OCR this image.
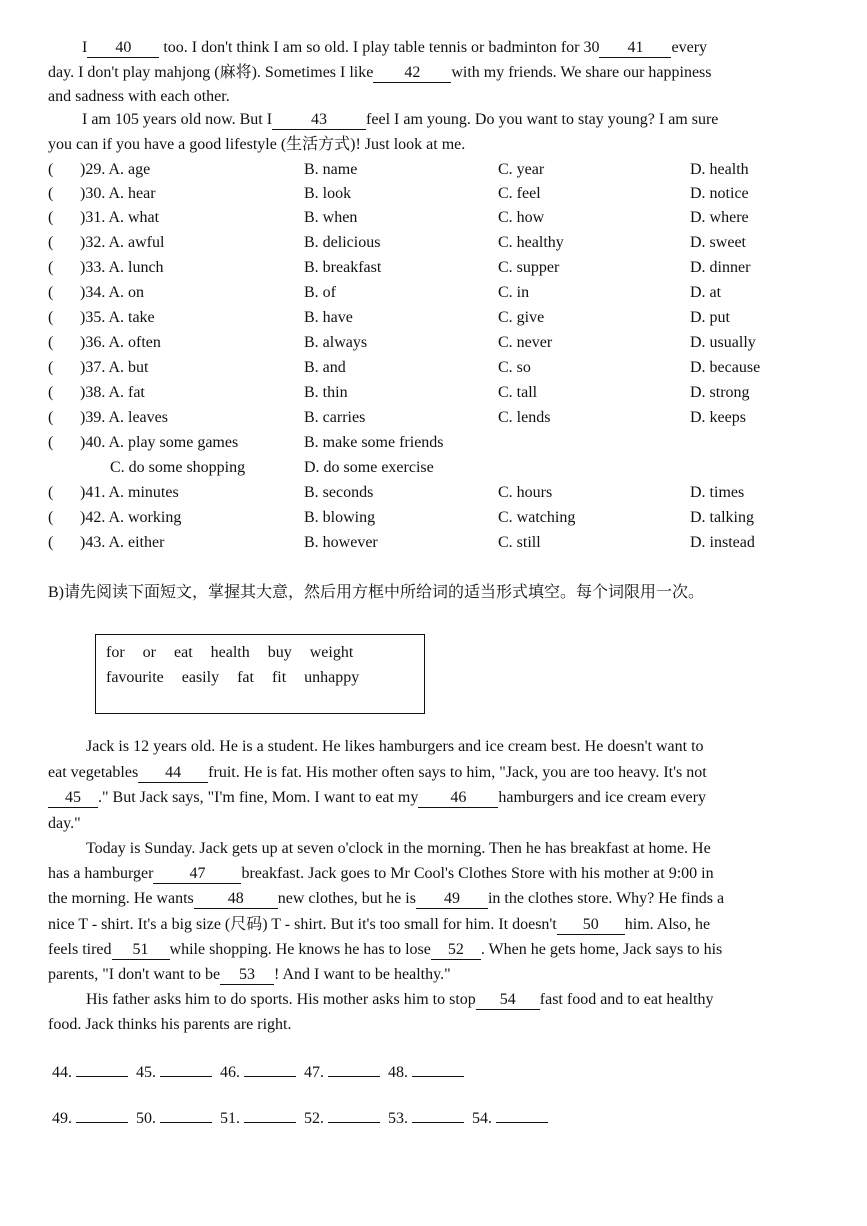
I 40 too. I don't think I am so old. I play table tennis or badminton for 30 41 every
day. I don't play mahjong (麻将). Sometimes I like 42 with my friends. We share our happiness
and sadness with each other.

I am 105 years old now. But I 43 feel I am young. Do you want to stay young? I am sure
you can if you have a good lifestyle (生活方式)! Just look at me.

( )29. A. age	B. name	C. year	D. health
( )30. A. hear	B. look	C. feel	D. notice
( )31. A. what	B. when	C. how	D. where
( )32. A. awful	B. delicious	C. healthy	D. sweet
( )33. A. lunch	B. breakfast	C. supper	D. dinner
( )34. A. on	B. of	C. in	D. at
( )35. A. take	B. have	C. give	D. put
( )36. A. often	B. always	C. never	D. usually
( )37. A. but	B. and	C. so	D. because
( )38. A. fat	B. thin	C. tall	D. strong
( )39. A. leaves	B. carries	C. lends	D. keeps
( )40. A. play some games	B. make some friends
C. do some shopping	D. do some exercise
( )41. A. minutes	B. seconds	C. hours	D. times
( )42. A. working	B. blowing	C. watching	D. talking
( )43. A. either	B. however	C. still	D. instead
B)请先阅读下面短文，掌握其大意，然后用方框中所给词的适当形式填空。每个词限用一次。
for or eat health buy weight
favourite easily fat fit unhappy

Jack is 12 years old. He is a student. He likes hamburgers and ice cream best. He doesn't want to
eat vegetables 44 fruit. He is fat. His mother often says to him, "Jack, you are too heavy. It's not
45 ." But Jack says, "I'm fine, Mom. I want to eat my 46 hamburgers and ice cream every
day."

Today is Sunday. Jack gets up at seven o'clock in the morning. Then he has breakfast at home. He
has a hamburger 47 breakfast. Jack goes to Mr Cool's Clothes Store with his mother at 9:00 in
the morning. He wants 48 new clothes, but he is 49 in the clothes store. Why? He finds a
nice T - shirt. It's a big size (尺码) T - shirt. But it's too small for him. It doesn't 50 him. Also, he
feels tired 51 while shopping. He knows he has to lose 52 . When he gets home, Jack says to his
parents, "I don't want to be 53 ! And I want to be healthy."

His father asks him to do sports. His mother asks him to stop 54 fast food and to eat healthy
food. Jack thinks his parents are right.

44.	45.	46.	47.	48.
49.	50.	51.	52.	53.	54.
